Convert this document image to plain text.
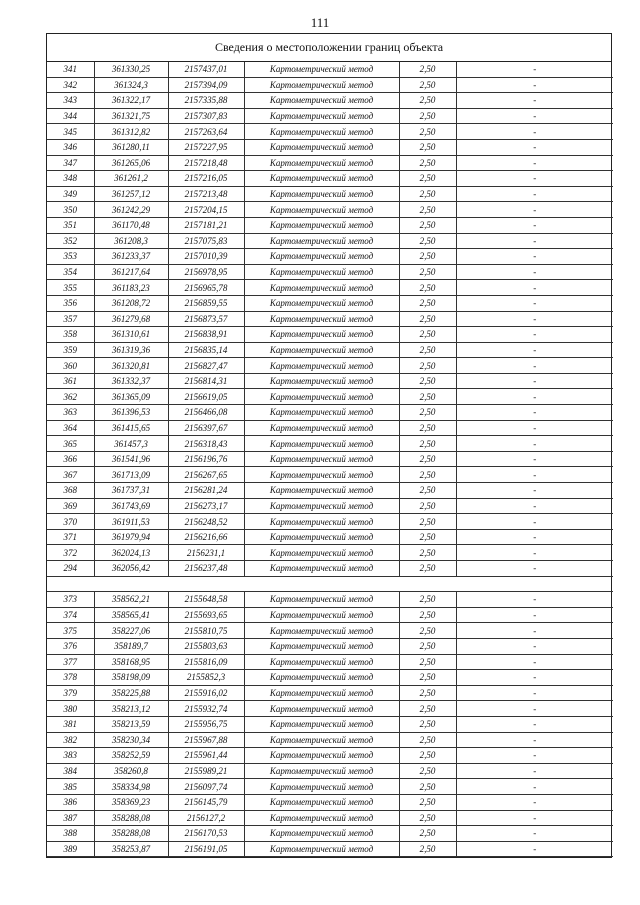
111
Сведения о местоположении границ объекта
341	361330,25	2157437,01	Картометрический метод	2,50	-
342	361324,3	2157394,09	Картометрический метод	2,50	-
343	361322,17	2157335,88	Картометрический метод	2,50	-
344	361321,75	2157307,83	Картометрический метод	2,50	-
345	361312,82	2157263,64	Картометрический метод	2,50	-
346	361280,11	2157227,95	Картометрический метод	2,50	-
347	361265,06	2157218,48	Картометрический метод	2,50	-
348	361261,2	2157216,05	Картометрический метод	2,50	-
349	361257,12	2157213,48	Картометрический метод	2,50	-
350	361242,29	2157204,15	Картометрический метод	2,50	-
351	361170,48	2157181,21	Картометрический метод	2,50	-
352	361208,3	2157075,83	Картометрический метод	2,50	-
353	361233,37	2157010,39	Картометрический метод	2,50	-
354	361217,64	2156978,95	Картометрический метод	2,50	-
355	361183,23	2156965,78	Картометрический метод	2,50	-
356	361208,72	2156859,55	Картометрический метод	2,50	-
357	361279,68	2156873,57	Картометрический метод	2,50	-
358	361310,61	2156838,91	Картометрический метод	2,50	-
359	361319,36	2156835,14	Картометрический метод	2,50	-
360	361320,81	2156827,47	Картометрический метод	2,50	-
361	361332,37	2156814,31	Картометрический метод	2,50	-
362	361365,09	2156619,05	Картометрический метод	2,50	-
363	361396,53	2156466,08	Картометрический метод	2,50	-
364	361415,65	2156397,67	Картометрический метод	2,50	-
365	361457,3	2156318,43	Картометрический метод	2,50	-
366	361541,96	2156196,76	Картометрический метод	2,50	-
367	361713,09	2156267,65	Картометрический метод	2,50	-
368	361737,31	2156281,24	Картометрический метод	2,50	-
369	361743,69	2156273,17	Картометрический метод	2,50	-
370	361911,53	2156248,52	Картометрический метод	2,50	-
371	361979,94	2156216,66	Картометрический метод	2,50	-
372	362024,13	2156231,1	Картометрический метод	2,50	-
294	362056,42	2156237,48	Картометрический метод	2,50	-

373	358562,21	2155648,58	Картометрический метод	2,50	-
374	358565,41	2155693,65	Картометрический метод	2,50	-
375	358227,06	2155810,75	Картометрический метод	2,50	-
376	358189,7	2155803,63	Картометрический метод	2,50	-
377	358168,95	2155816,09	Картометрический метод	2,50	-
378	358198,09	2155852,3	Картометрический метод	2,50	-
379	358225,88	2155916,02	Картометрический метод	2,50	-
380	358213,12	2155932,74	Картометрический метод	2,50	-
381	358213,59	2155956,75	Картометрический метод	2,50	-
382	358230,34	2155967,88	Картометрический метод	2,50	-
383	358252,59	2155961,44	Картометрический метод	2,50	-
384	358260,8	2155989,21	Картометрический метод	2,50	-
385	358334,98	2156097,74	Картометрический метод	2,50	-
386	358369,23	2156145,79	Картометрический метод	2,50	-
387	358288,08	2156127,2	Картометрический метод	2,50	-
388	358288,08	2156170,53	Картометрический метод	2,50	-
389	358253,87	2156191,05	Картометрический метод	2,50	-
